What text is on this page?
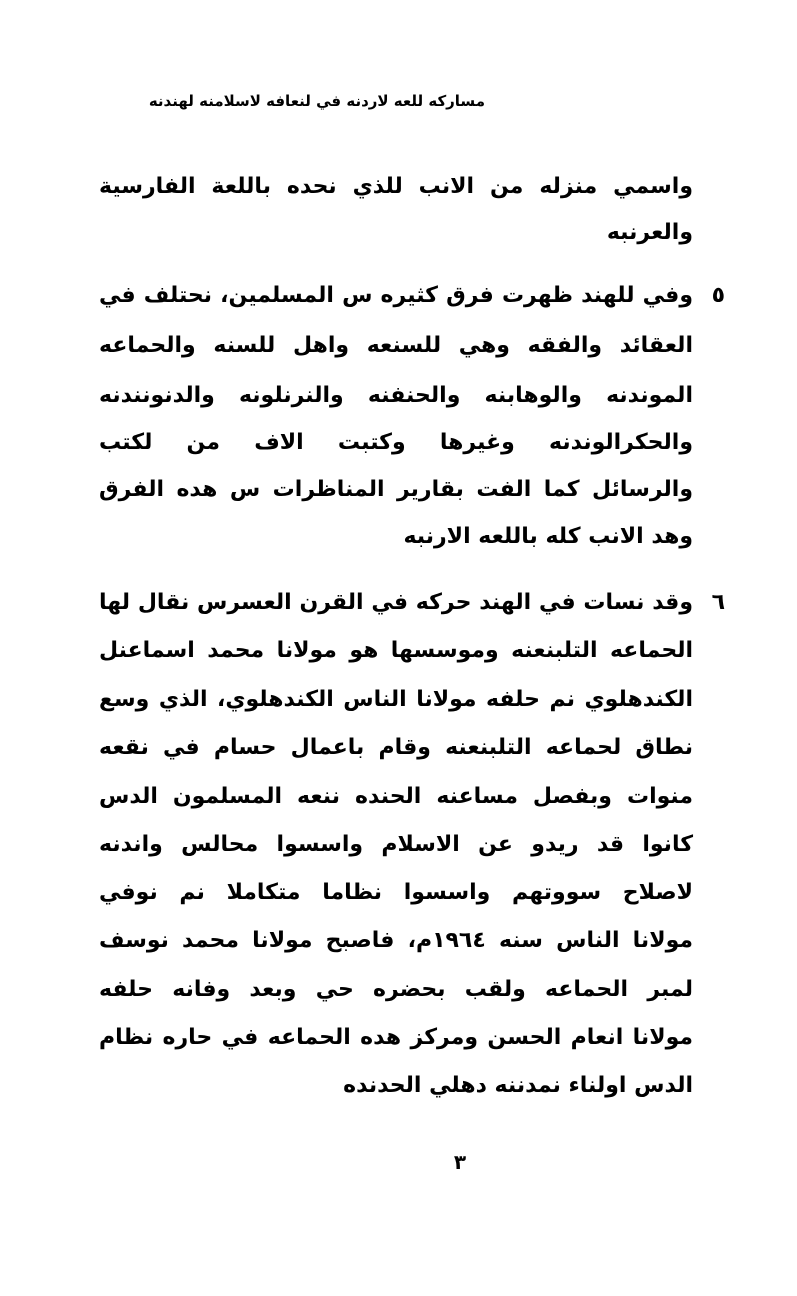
مساركه للعه لاردنه في لنعافه لاسلامنه لهندنه
واسمي منزله من الانب للذي نحده باللعة الفارسية
والعرنبه
٥
وفي للهند ظهرت فرق كثيره س المسلمين، نحتلف في
العقائد والفقه وهي للسنعه واهل للسنه والحماعه
الموندنه والوهابنه والحنفنه والنرنلونه والدنونندنه
والحكرالوندنه وغيرها وكتبت الاف من لكتب
والرسائل كما الفت بقارير المناظرات س هده الفرق
وهد الانب كله باللعه الارنبه
٦
وقد نسات في الهند حركه في القرن العسرس نقال لها
الحماعه التلبنعنه وموسسها هو مولانا محمد اسماعنل
الكندهلوي نم حلفه مولانا الناس الكندهلوي، الذي وسع
نطاق لحماعه التلبنعنه وقام باعمال حسام في نقعه
منوات وبفصل مساعنه الحنده ننعه المسلمون الدس
كانوا قد ريدو عن الاسلام واسسوا محالس واندنه
لاصلاح سووتهم واسسوا نظاما متكاملا نم نوفي
مولانا الناس سنه ١٩٦٤م، فاصبح مولانا محمد نوسف
لمبر الحماعه ولقب بحضره حي وبعد وفانه حلفه
مولانا انعام الحسن ومركز هده الحماعه في حاره نظام
الدس اولناء نمدننه دهلي الحدنده
٣
